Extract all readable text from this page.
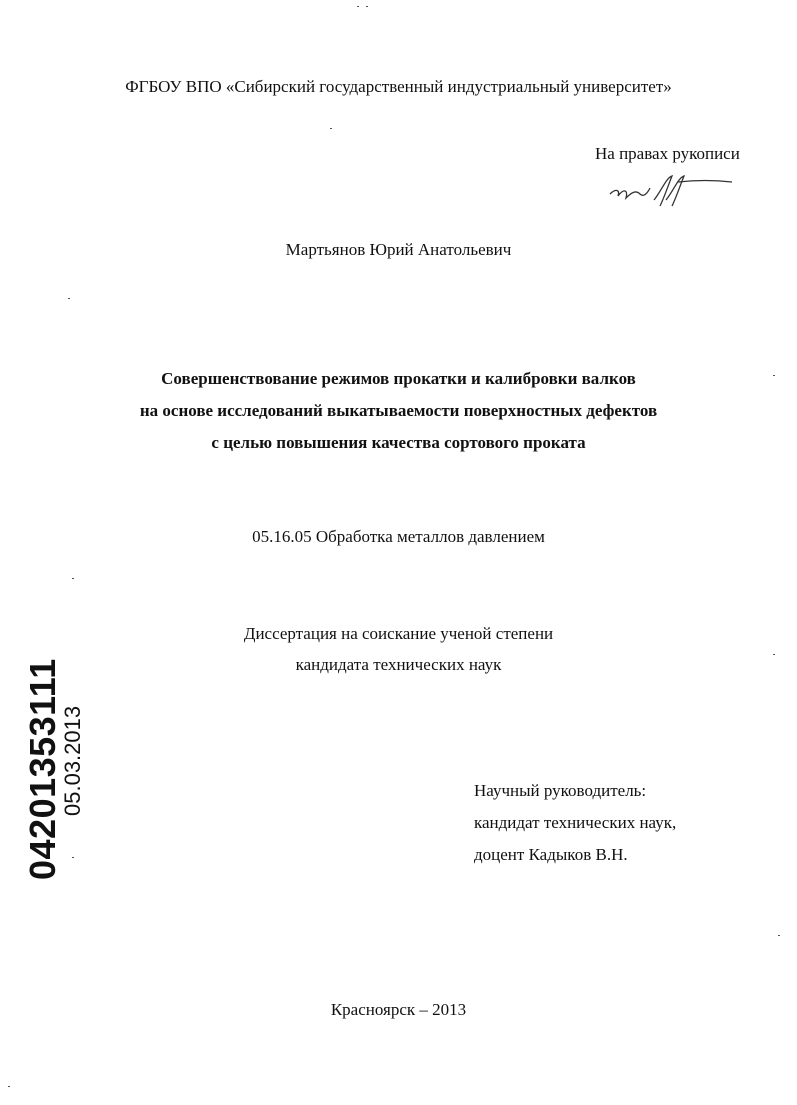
ФГБОУ ВПО «Сибирский государственный индустриальный университет»
На правах рукописи
Мартьянов Юрий Анатольевич
Совершенствование режимов прокатки и калибровки валков
на основе исследований выкатываемости поверхностных дефектов
с целью повышения качества сортового проката
05.16.05 Обработка металлов давлением
Диссертация на соискание ученой степени
кандидата технических наук
Научный руководитель:
кандидат технических наук,
доцент Кадыков В.Н.
Красноярск – 2013
04201353111
05.03.2013
